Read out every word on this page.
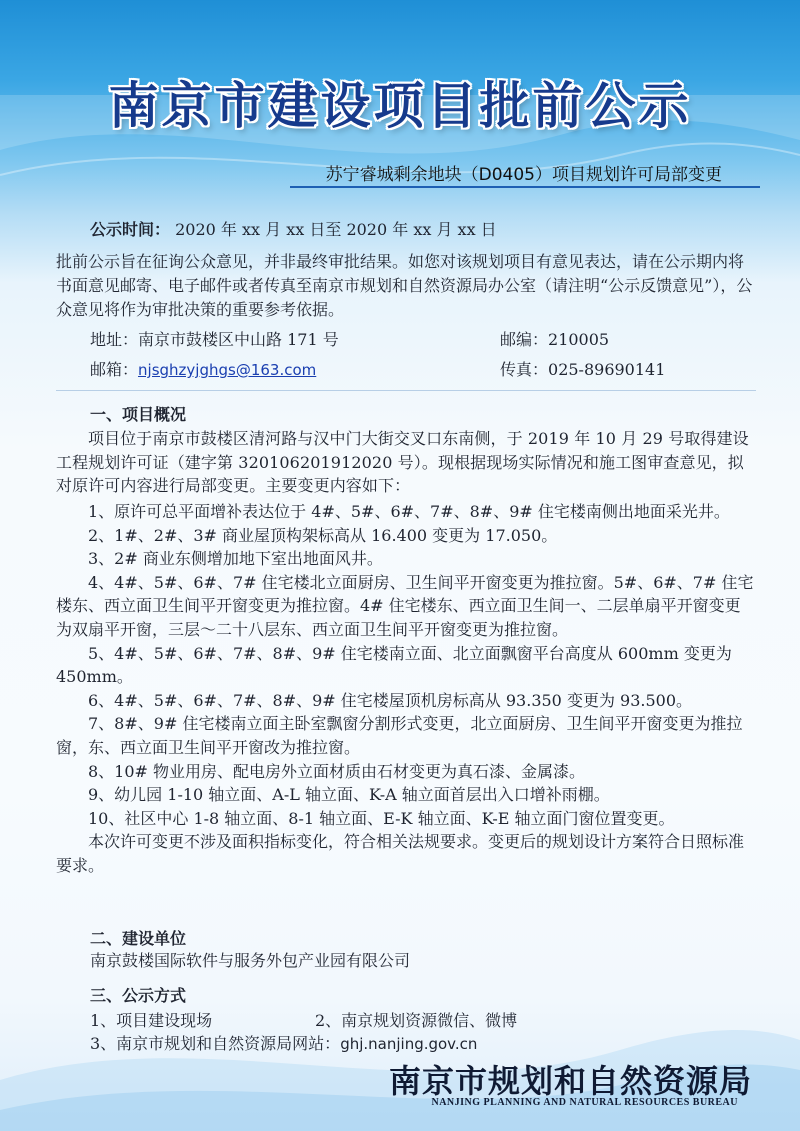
南京市建设项目批前公示
苏宁睿城剩余地块（D0405）项目规划许可局部变更
公示时间： 2020 年 xx 月 xx 日至 2020 年 xx 月 xx 日
批前公示旨在征询公众意见，并非最终审批结果。如您对该规划项目有意见表达，请在公示期内将书面意见邮寄、电子邮件或者传真至南京市规划和自然资源局办公室（请注明“公示反馈意见”），公众意见将作为审批决策的重要参考依据。
地址：南京市鼓楼区中山路 171 号	邮编：210005
邮箱：njsghzyjghgs@163.com	传真：025-89690141
一、项目概况
项目位于南京市鼓楼区清河路与汉中门大街交叉口东南侧，于 2019 年 10 月 29 号取得建设工程规划许可证（建字第 320106201912020 号）。现根据现场实际情况和施工图审查意见，拟对原许可内容进行局部变更。主要变更内容如下：

1、原许可总平面增补表达位于 4#、5#、6#、7#、8#、9# 住宅楼南侧出地面采光井。

2、1#、2#、3# 商业屋顶构架标高从 16.400 变更为 17.050。

3、2# 商业东侧增加地下室出地面风井。

4、4#、5#、6#、7# 住宅楼北立面厨房、卫生间平开窗变更为推拉窗。5#、6#、7# 住宅楼东、西立面卫生间平开窗变更为推拉窗。4# 住宅楼东、西立面卫生间一、二层单扇平开窗变更为双扇平开窗，三层～二十八层东、西立面卫生间平开窗变更为推拉窗。

5、4#、5#、6#、7#、8#、9# 住宅楼南立面、北立面飘窗平台高度从 600mm 变更为 450mm。

6、4#、5#、6#、7#、8#、9# 住宅楼屋顶机房标高从 93.350 变更为 93.500。

7、8#、9# 住宅楼南立面主卧室飘窗分割形式变更，北立面厨房、卫生间平开窗变更为推拉窗，东、西立面卫生间平开窗改为推拉窗。

8、10# 物业用房、配电房外立面材质由石材变更为真石漆、金属漆。

9、幼儿园 1-10 轴立面、A-L 轴立面、K-A 轴立面首层出入口增补雨棚。

10、社区中心 1-8 轴立面、8-1 轴立面、E-K 轴立面、K-E 轴立面门窗位置变更。

本次许可变更不涉及面积指标变化，符合相关法规要求。变更后的规划设计方案符合日照标准要求。

二、建设单位
南京鼓楼国际软件与服务外包产业园有限公司
三、公示方式
1、项目建设现场	2、南京规划资源微信、微博
3、南京市规划和自然资源局网站：ghj.nanjing.gov.cn
南京市规划和自然资源局
NANJING PLANNING AND NATURAL RESOURCES BUREAU
